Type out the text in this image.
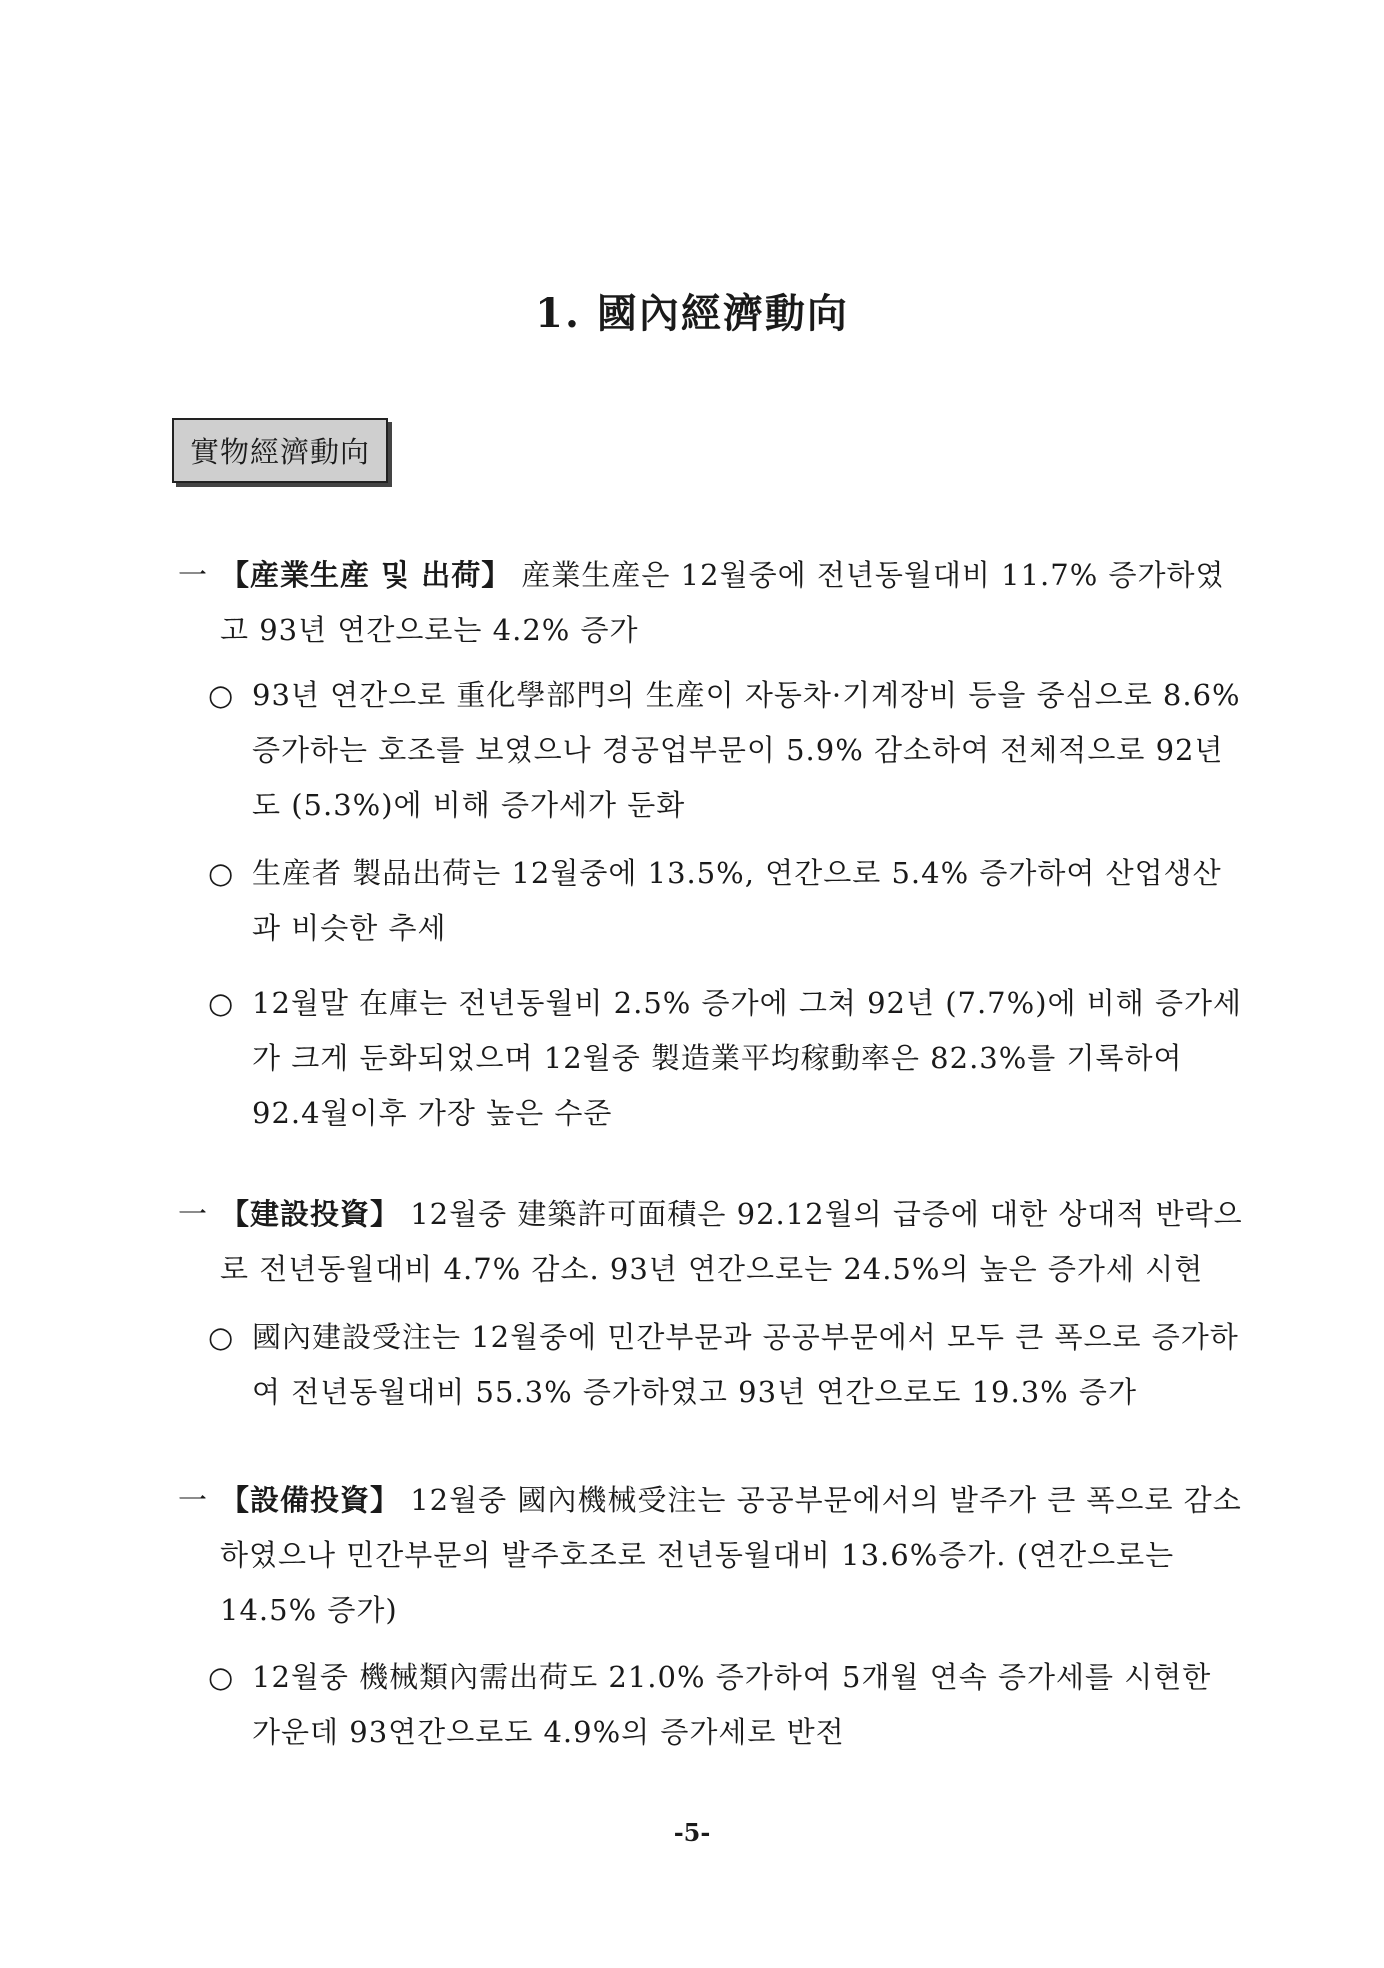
1. 國內經濟動向
實物經濟動向
一 【産業生産 및 出荷】 産業生産은 12월중에 전년동월대비 11.7% 증가하였고 93년 연간으로는 4.2% 증가
○ 93년 연간으로 重化學部門의 生産이 자동차·기계장비 등을 중심으로 8.6% 증가하는 호조를 보였으나 경공업부문이 5.9% 감소하여 전체적으로 92년도 (5.3%)에 비해 증가세가 둔화
○ 生産者 製品出荷는 12월중에 13.5%, 연간으로 5.4% 증가하여 산업생산과 비슷한 추세
○ 12월말 在庫는 전년동월비 2.5% 증가에 그쳐 92년 (7.7%)에 비해 증가세가 크게 둔화되었으며 12월중 製造業平均稼動率은 82.3%를 기록하여 92.4월이후 가장 높은 수준
一 【建設投資】 12월중 建築許可面積은 92.12월의 급증에 대한 상대적 반락으로 전년동월대비 4.7% 감소. 93년 연간으로는 24.5%의 높은 증가세 시현
○ 國內建設受注는 12월중에 민간부문과 공공부문에서 모두 큰 폭으로 증가하여 전년동월대비 55.3% 증가하였고 93년 연간으로도 19.3% 증가
一 【設備投資】 12월중 國內機械受注는 공공부문에서의 발주가 큰 폭으로 감소하였으나 민간부문의 발주호조로 전년동월대비 13.6%증가. (연간으로는 14.5% 증가)
○ 12월중 機械類內需出荷도 21.0% 증가하여 5개월 연속 증가세를 시현한 가운데 93연간으로도 4.9%의 증가세로 반전
-5-
